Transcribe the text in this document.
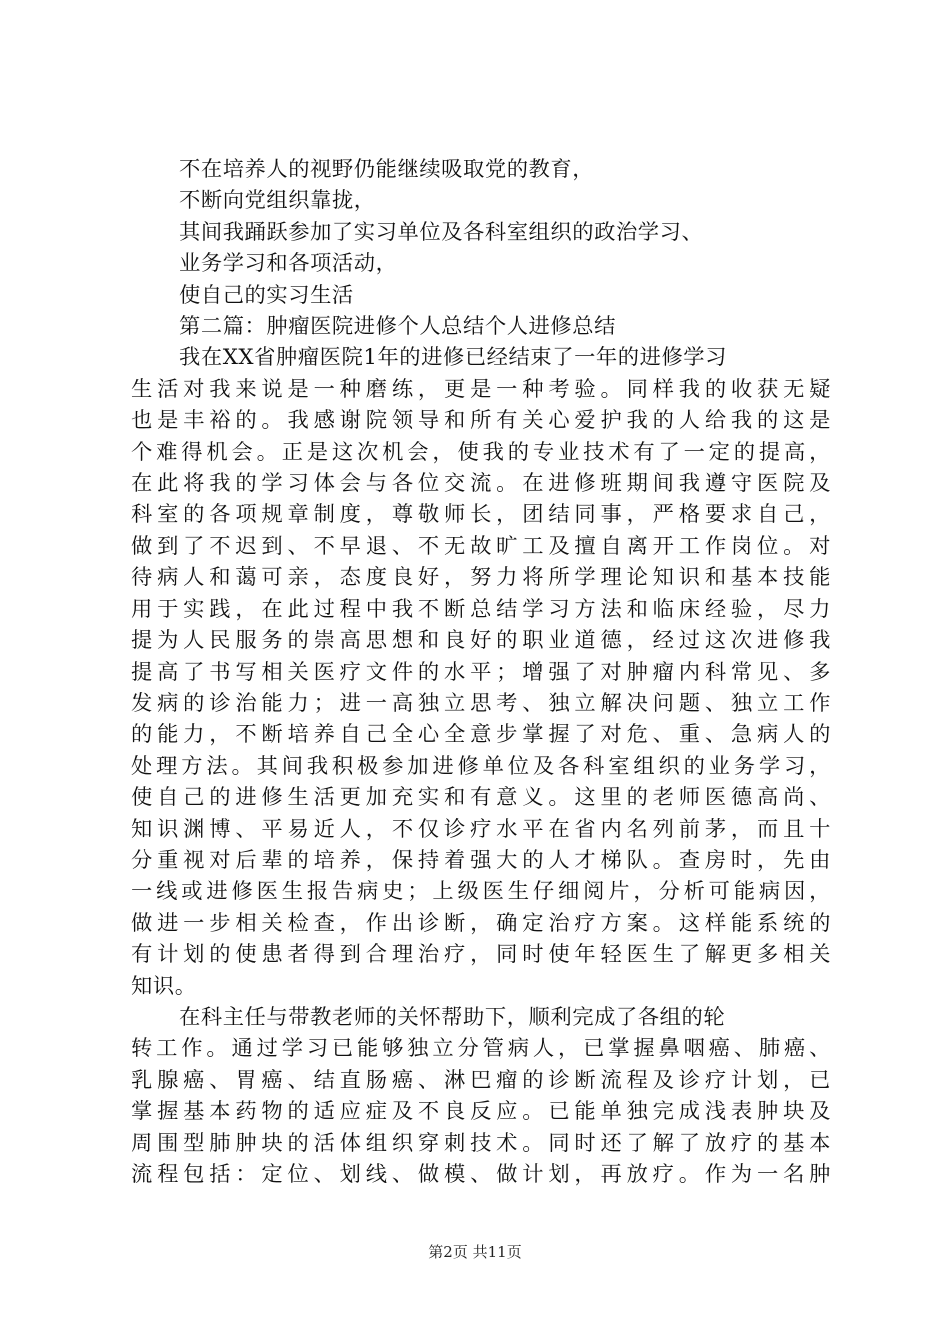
不在培养人的视野仍能继续吸取党的教育，
不断向党组织靠拢，
其间我踊跃参加了实习单位及各科室组织的政治学习、
业务学习和各项活动，
使自己的实习生活
第二篇：肿瘤医院进修个人总结个人进修总结
我在XX省肿瘤医院1年的进修已经结束了一年的进修学习
生活对我来说是一种磨练，更是一种考验。同样我的收获无疑
也是丰裕的。我感谢院领导和所有关心爱护我的人给我的这是
个难得机会。正是这次机会，使我的专业技术有了一定的提高，
在此将我的学习体会与各位交流。在进修班期间我遵守医院及
科室的各项规章制度，尊敬师长，团结同事，严格要求自己，
做到了不迟到、不早退、不无故旷工及擅自离开工作岗位。对
待病人和蔼可亲，态度良好，努力将所学理论知识和基本技能
用于实践，在此过程中我不断总结学习方法和临床经验，尽力
提为人民服务的崇高思想和良好的职业道德，经过这次进修我
提高了书写相关医疗文件的水平；增强了对肿瘤内科常见、多
发病的诊治能力；进一高独立思考、独立解决问题、独立工作
的能力，不断培养自己全心全意步掌握了对危、重、急病人的
处理方法。其间我积极参加进修单位及各科室组织的业务学习，
使自己的进修生活更加充实和有意义。这里的老师医德高尚、
知识渊博、平易近人，不仅诊疗水平在省内名列前茅，而且十
分重视对后辈的培养，保持着强大的人才梯队。查房时，先由
一线或进修医生报告病史；上级医生仔细阅片，分析可能病因，
做进一步相关检查，作出诊断，确定治疗方案。这样能系统的
有计划的使患者得到合理治疗，同时使年轻医生了解更多相关
知识。
在科主任与带教老师的关怀帮助下，顺利完成了各组的轮
转工作。通过学习已能够独立分管病人，已掌握鼻咽癌、肺癌、
乳腺癌、胃癌、结直肠癌、淋巴瘤的诊断流程及诊疗计划，已
掌握基本药物的适应症及不良反应。已能单独完成浅表肿块及
周围型肺肿块的活体组织穿刺技术。同时还了解了放疗的基本
流程包括：定位、划线、做模、做计划，再放疗。作为一名肿
第2页 共11页
